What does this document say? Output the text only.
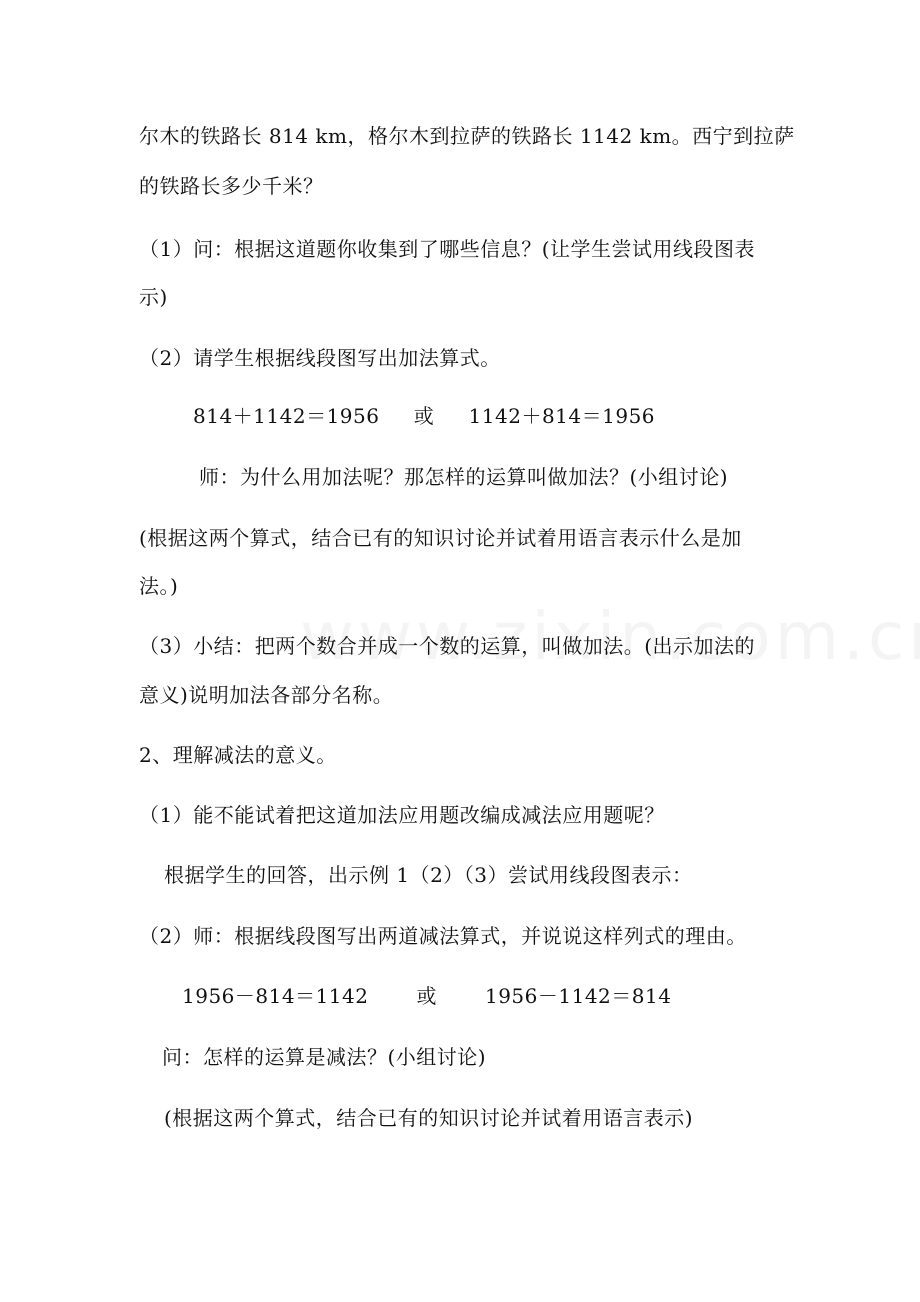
尔木的铁路长 814 km，格尔木到拉萨的铁路长 1142 km。西宁到拉萨
的铁路长多少千米？
（1）问：根据这道题你收集到了哪些信息？(让学生尝试用线段图表
示)
（2）请学生根据线段图写出加法算式。
814＋1142＝1956     或     1142＋814＝1956
师：为什么用加法呢？那怎样的运算叫做加法？(小组讨论)
(根据这两个算式，结合已有的知识讨论并试着用语言表示什么是加
法。)
（3）小结：把两个数合并成一个数的运算，叫做加法。(出示加法的
意义)说明加法各部分名称。
2、理解减法的意义。
（1）能不能试着把这道加法应用题改编成减法应用题呢？
根据学生的回答，出示例 1（2）（3）尝试用线段图表示：
（2）师：根据线段图写出两道减法算式，并说说这样列式的理由。
1956－814＝1142       或       1956－1142＝814
问：怎样的运算是减法？(小组讨论)
(根据这两个算式，结合已有的知识讨论并试着用语言表示)
